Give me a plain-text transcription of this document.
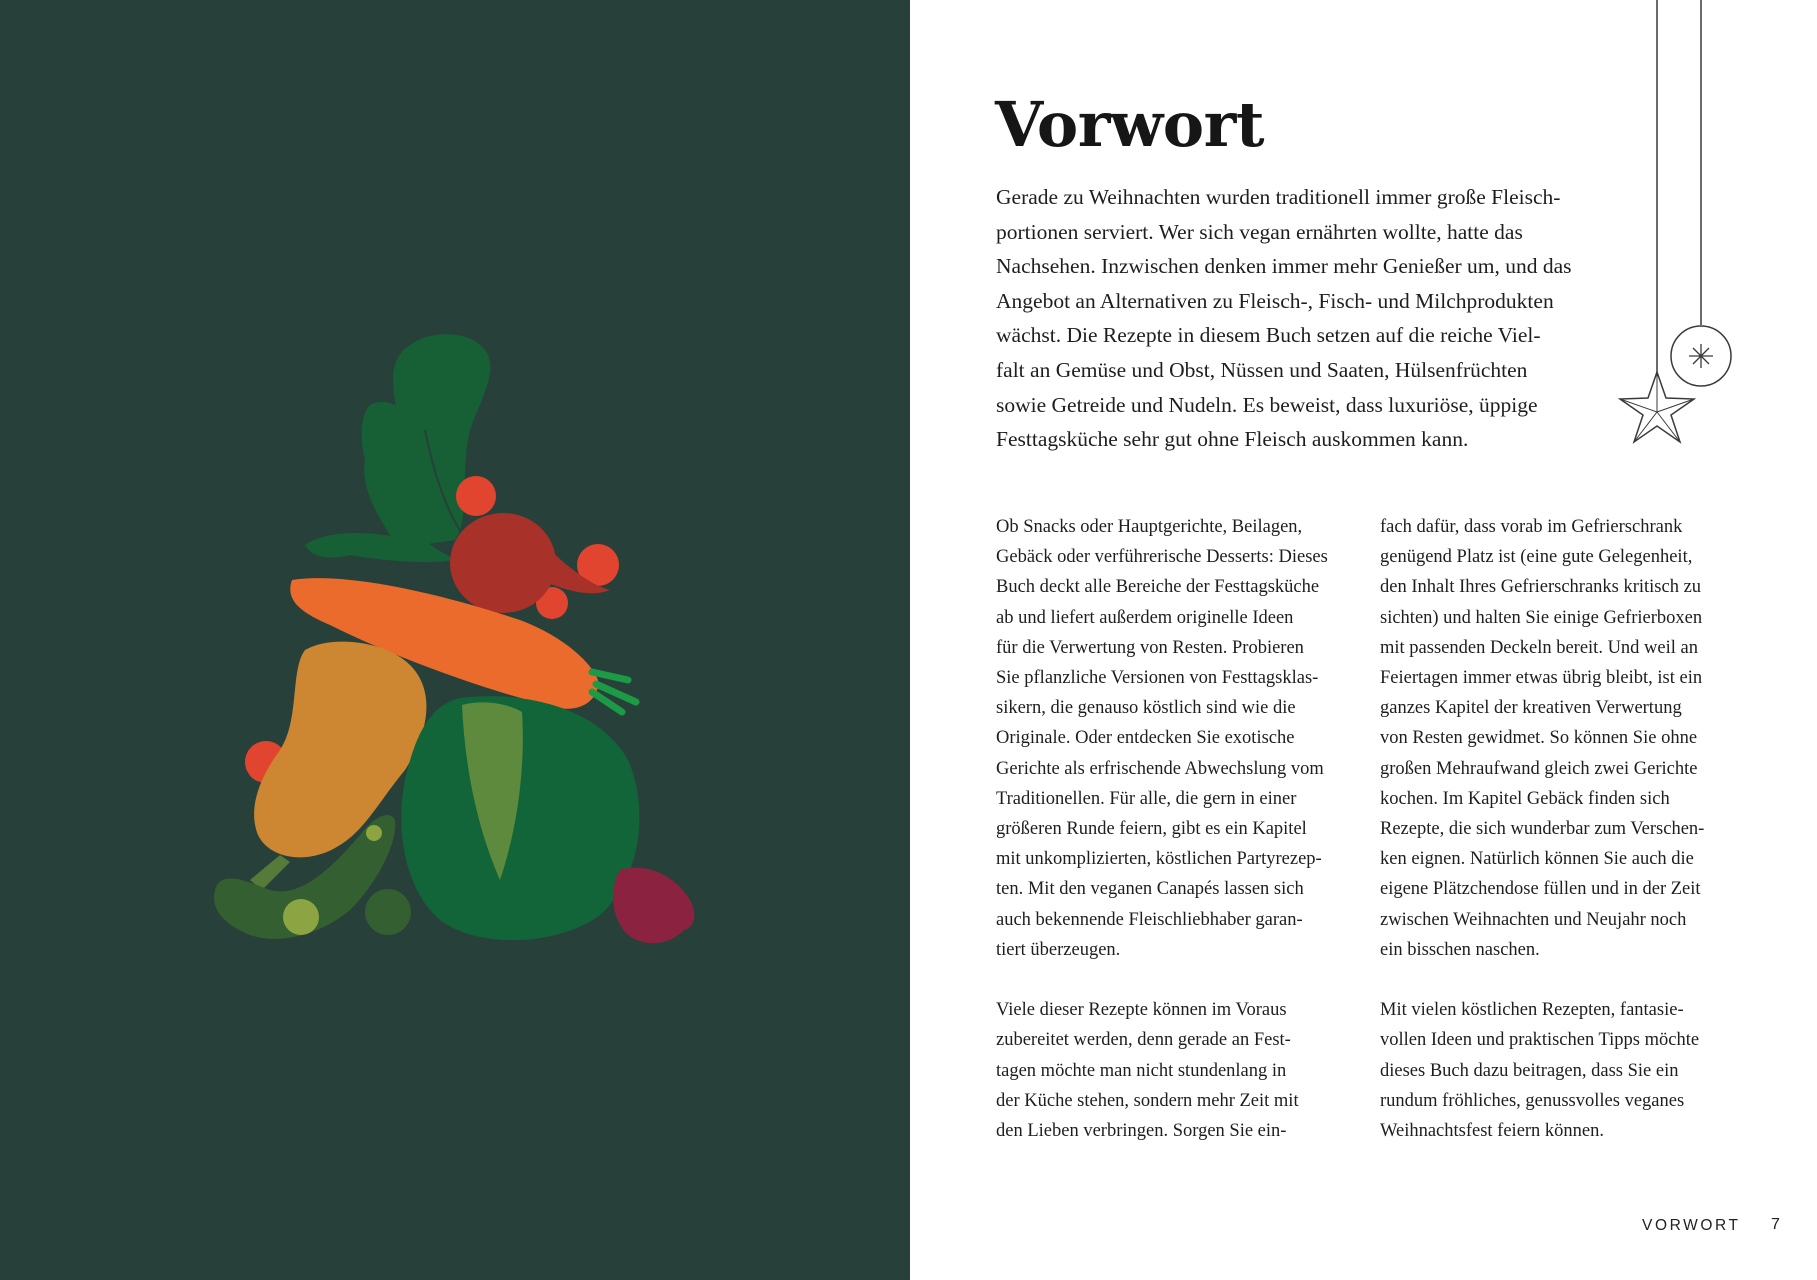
Vorwort
Gerade zu Weihnachten wurden traditionell immer große Fleisch-
portionen serviert. Wer sich vegan ernährten wollte, hatte das
Nachsehen. Inzwischen denken immer mehr Genießer um, und das
Angebot an Alternativen zu Fleisch-, Fisch- und Milchprodukten
wächst. Die Rezepte in diesem Buch setzen auf die reiche Viel-
falt an Gemüse und Obst, Nüssen und Saaten, Hülsenfrüchten
sowie Getreide und Nudeln. Es beweist, dass luxuriöse, üppige
Festtagsküche sehr gut ohne Fleisch auskommen kann.

Ob Snacks oder Hauptgerichte, Beilagen,
Gebäck oder verführerische Desserts: Dieses
Buch deckt alle Bereiche der Festtagsküche
ab und liefert außerdem originelle Ideen
für die Verwertung von Resten. Probieren
Sie pflanzliche Versionen von Festtagsklas-
sikern, die genauso köstlich sind wie die
Originale. Oder entdecken Sie exotische
Gerichte als erfrischende Abwechslung vom
Traditionellen. Für alle, die gern in einer
größeren Runde feiern, gibt es ein Kapitel
mit unkomplizierten, köstlichen Partyrezep-
ten. Mit den veganen Canapés lassen sich
auch bekennende Fleischliebhaber garan-
tiert überzeugen.

Viele dieser Rezepte können im Voraus
zubereitet werden, denn gerade an Fest-
tagen möchte man nicht stundenlang in
der Küche stehen, sondern mehr Zeit mit
den Lieben verbringen. Sorgen Sie ein-

fach dafür, dass vorab im Gefrierschrank
genügend Platz ist (eine gute Gelegenheit,
den Inhalt Ihres Gefrierschranks kritisch zu
sichten) und halten Sie einige Gefrierboxen
mit passenden Deckeln bereit. Und weil an
Feiertagen immer etwas übrig bleibt, ist ein
ganzes Kapitel der kreativen Verwertung
von Resten gewidmet. So können Sie ohne
großen Mehraufwand gleich zwei Gerichte
kochen. Im Kapitel Gebäck finden sich
Rezepte, die sich wunderbar zum Verschen-
ken eignen. Natürlich können Sie auch die
eigene Plätzchendose füllen und in der Zeit
zwischen Weihnachten und Neujahr noch
ein bisschen naschen.

Mit vielen köstlichen Rezepten, fantasie-
vollen Ideen und praktischen Tipps möchte
dieses Buch dazu beitragen, dass Sie ein
rundum fröhliches, genussvolles veganes
Weihnachtsfest feiern können.

VORWORT 7
